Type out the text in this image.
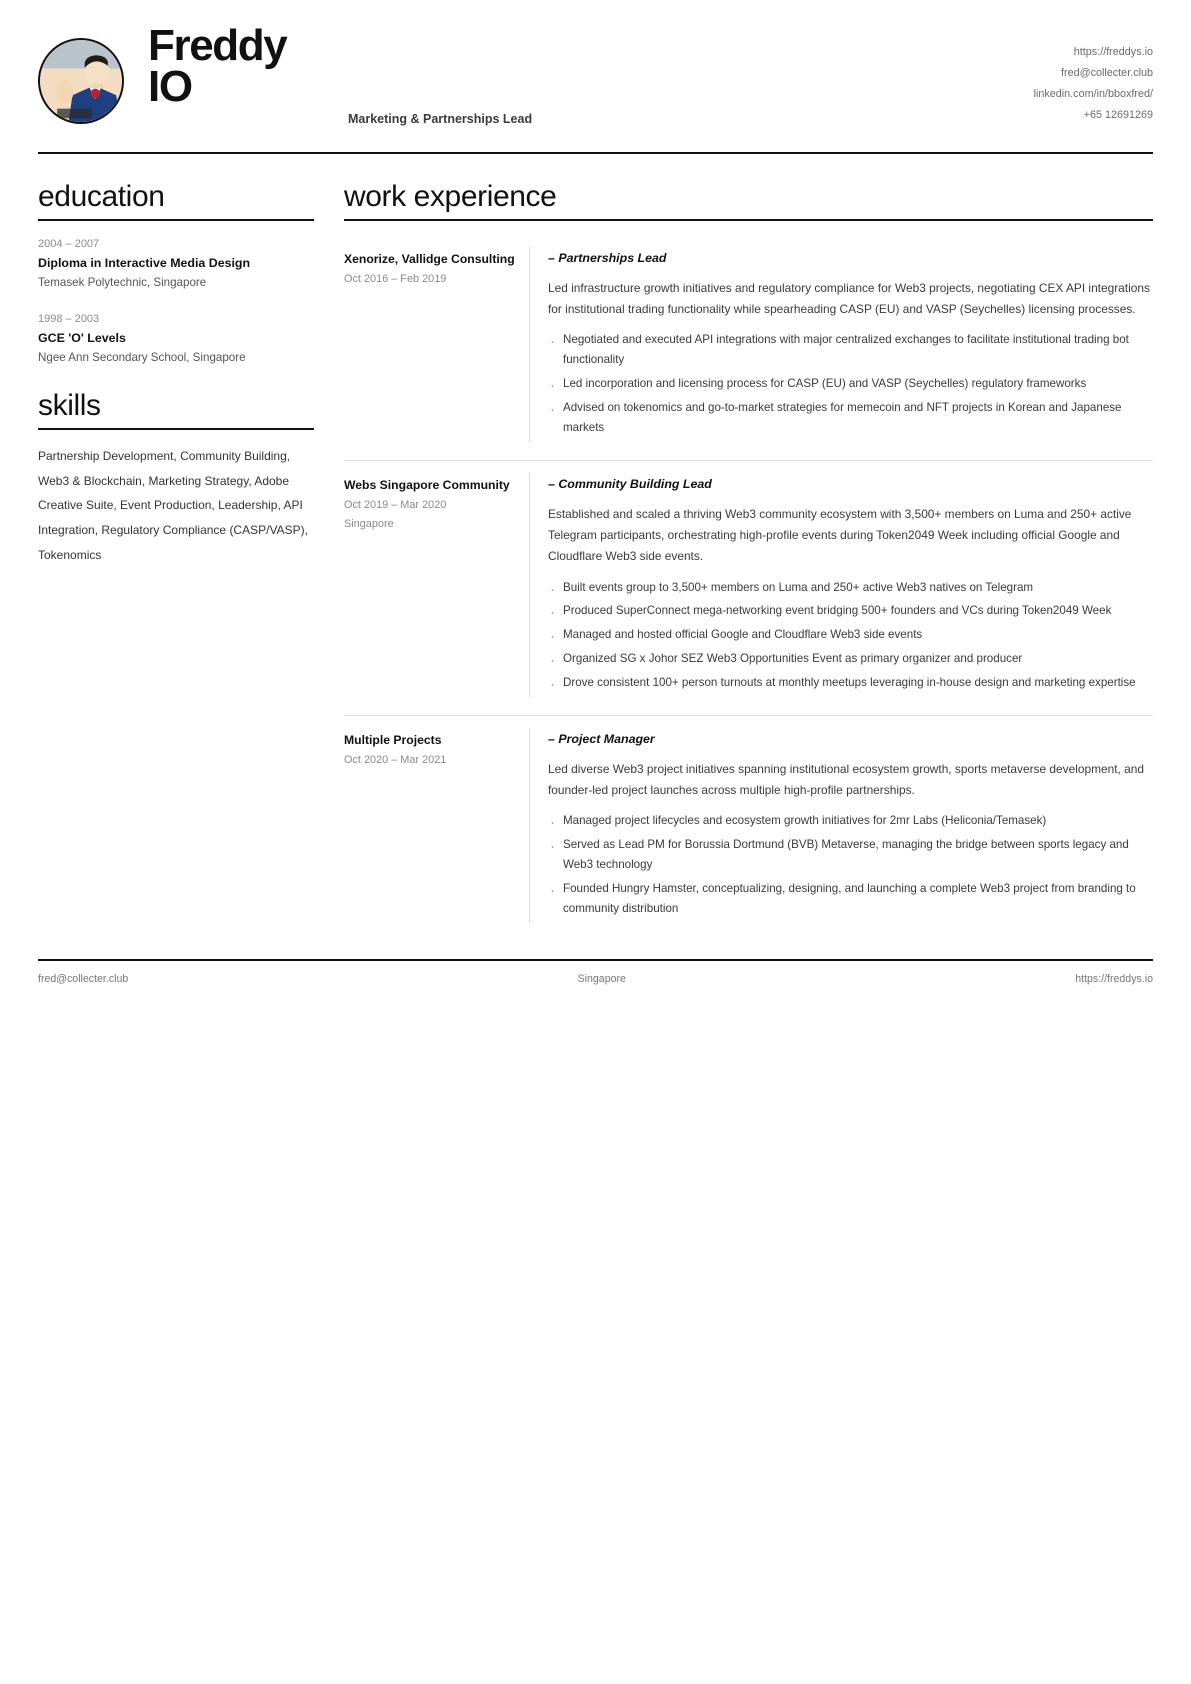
Freddy
IO
Marketing & Partnerships Lead
https://freddys.io
fred@collecter.club
linkedin.com/in/bboxfred/
+65 12691269
education
2004 – 2007
Diploma in Interactive Media Design
Temasek Polytechnic, Singapore
1998 – 2003
GCE 'O' Levels
Ngee Ann Secondary School, Singapore
skills
Partnership Development, Community Building, Web3 & Blockchain, Marketing Strategy, Adobe Creative Suite, Event Production, Leadership, API Integration, Regulatory Compliance (CASP/VASP), Tokenomics
work experience
Xenorize, Vallidge Consulting
Oct 2016 – Feb 2019
– Partnerships Lead
Led infrastructure growth initiatives and regulatory compliance for Web3 projects, negotiating CEX API integrations for institutional trading functionality while spearheading CASP (EU) and VASP (Seychelles) licensing processes.
· Negotiated and executed API integrations with major centralized exchanges to facilitate institutional trading bot functionality
· Led incorporation and licensing process for CASP (EU) and VASP (Seychelles) regulatory frameworks
· Advised on tokenomics and go-to-market strategies for memecoin and NFT projects in Korean and Japanese markets
Webs Singapore Community
Oct 2019 – Mar 2020
Singapore
– Community Building Lead
Established and scaled a thriving Web3 community ecosystem with 3,500+ members on Luma and 250+ active Telegram participants, orchestrating high-profile events during Token2049 Week including official Google and Cloudflare Web3 side events.
· Built events group to 3,500+ members on Luma and 250+ active Web3 natives on Telegram
· Produced SuperConnect mega-networking event bridging 500+ founders and VCs during Token2049 Week
· Managed and hosted official Google and Cloudflare Web3 side events
· Organized SG x Johor SEZ Web3 Opportunities Event as primary organizer and producer
· Drove consistent 100+ person turnouts at monthly meetups leveraging in-house design and marketing expertise
Multiple Projects
Oct 2020 – Mar 2021
– Project Manager
Led diverse Web3 project initiatives spanning institutional ecosystem growth, sports metaverse development, and founder-led project launches across multiple high-profile partnerships.
· Managed project lifecycles and ecosystem growth initiatives for 2mr Labs (Heliconia/Temasek)
· Served as Lead PM for Borussia Dortmund (BVB) Metaverse, managing the bridge between sports legacy and Web3 technology
· Founded Hungry Hamster, conceptualizing, designing, and launching a complete Web3 project from branding to community distribution
fred@collecter.club	Singapore	https://freddys.io
